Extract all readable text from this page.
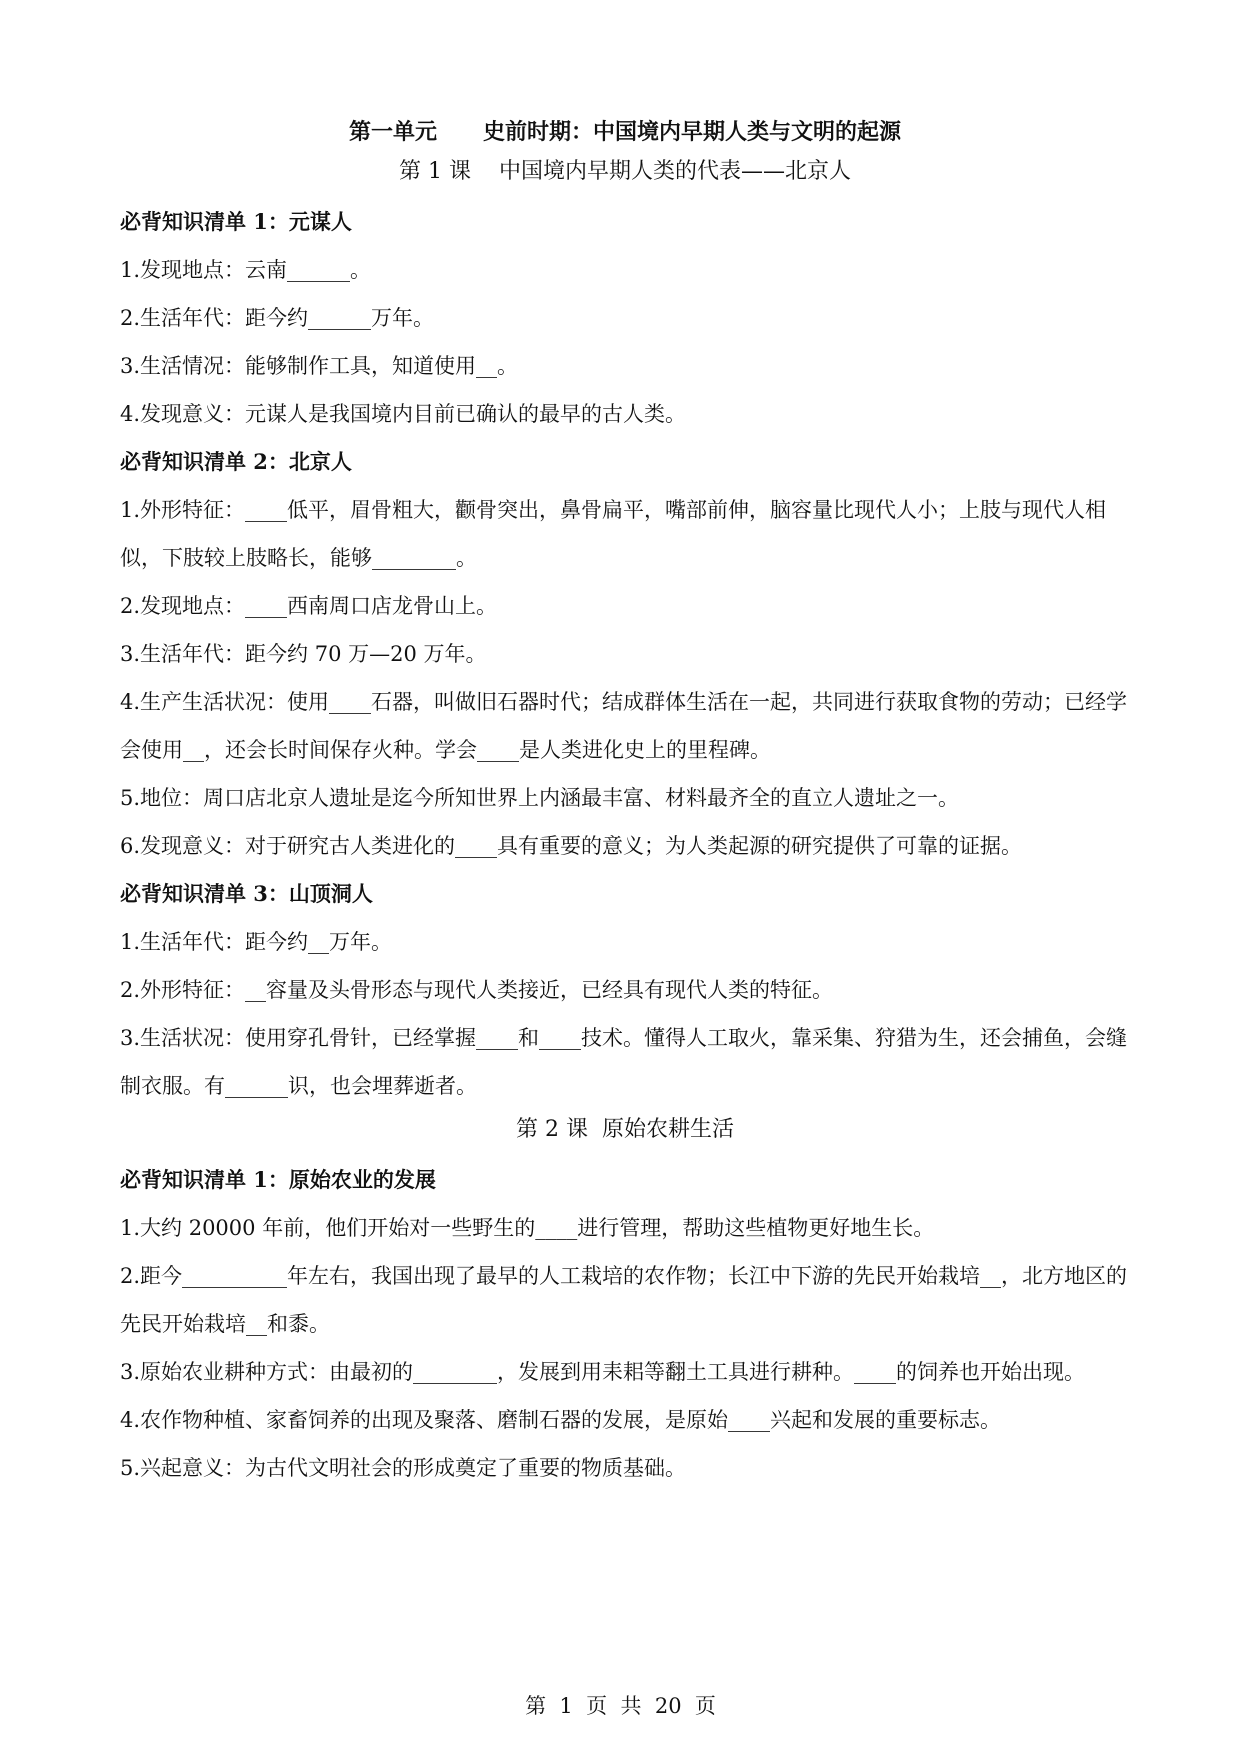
第一单元      史前时期：中国境内早期人类与文明的起源
第 1 课    中国境内早期人类的代表——北京人
必背知识清单 1：元谋人
1.发现地点：云南______。
2.生活年代：距今约______万年。
3.生活情况：能够制作工具，知道使用__。
4.发现意义：元谋人是我国境内目前已确认的最早的古人类。
必背知识清单 2：北京人
1.外形特征：____低平，眉骨粗大，颧骨突出，鼻骨扁平，嘴部前伸，脑容量比现代人小；上肢与现代人相似，下肢较上肢略长，能够________。
2.发现地点：____西南周口店龙骨山上。
3.生活年代：距今约 70 万—20 万年。
4.生产生活状况：使用____石器，叫做旧石器时代；结成群体生活在一起，共同进行获取食物的劳动；已经学会使用__，还会长时间保存火种。学会____是人类进化史上的里程碑。
5.地位：周口店北京人遗址是迄今所知世界上内涵最丰富、材料最齐全的直立人遗址之一。
6.发现意义：对于研究古人类进化的____具有重要的意义；为人类起源的研究提供了可靠的证据。
必背知识清单 3：山顶洞人
1.生活年代：距今约__万年。
2.外形特征：__容量及头骨形态与现代人类接近，已经具有现代人类的特征。
3.生活状况：使用穿孔骨针，已经掌握____和____技术。懂得人工取火，靠采集、狩猎为生，还会捕鱼，会缝制衣服。有______识，也会埋葬逝者。
第 2 课  原始农耕生活
必背知识清单 1：原始农业的发展
1.大约 20000 年前，他们开始对一些野生的____进行管理，帮助这些植物更好地生长。
2.距今__________年左右，我国出现了最早的人工栽培的农作物；长江中下游的先民开始栽培__，北方地区的先民开始栽培__和黍。
3.原始农业耕种方式：由最初的________，发展到用耒耜等翻土工具进行耕种。____的饲养也开始出现。
4.农作物种植、家畜饲养的出现及聚落、磨制石器的发展，是原始____兴起和发展的重要标志。
5.兴起意义：为古代文明社会的形成奠定了重要的物质基础。
第  1  页  共  20  页
